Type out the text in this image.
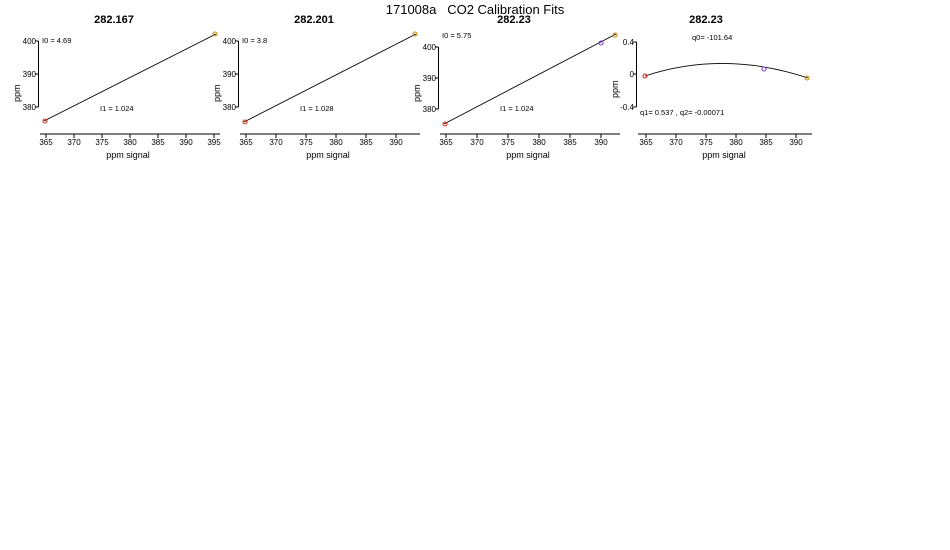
171008a   CO2 Calibration Fits
282.167
ppm
400
390
380
365	370	375	380	385	390	395
ppm signal
I0 = 4.69
I1 = 1.024
282.201
ppm
400
390
380
365	370	375	380	385	390
ppm signal
I0 = 3.8
I1 = 1.028
282.23
ppm
400
390
380
365	370	375	380	385	390
ppm signal
I0 = 5.75
I1 = 1.024
282.23
ppm
0.4
0
-0.4
365	370	375	380	385	390
ppm signal
q0= -101.64
q1= 0.537 , q2= -0.00071
